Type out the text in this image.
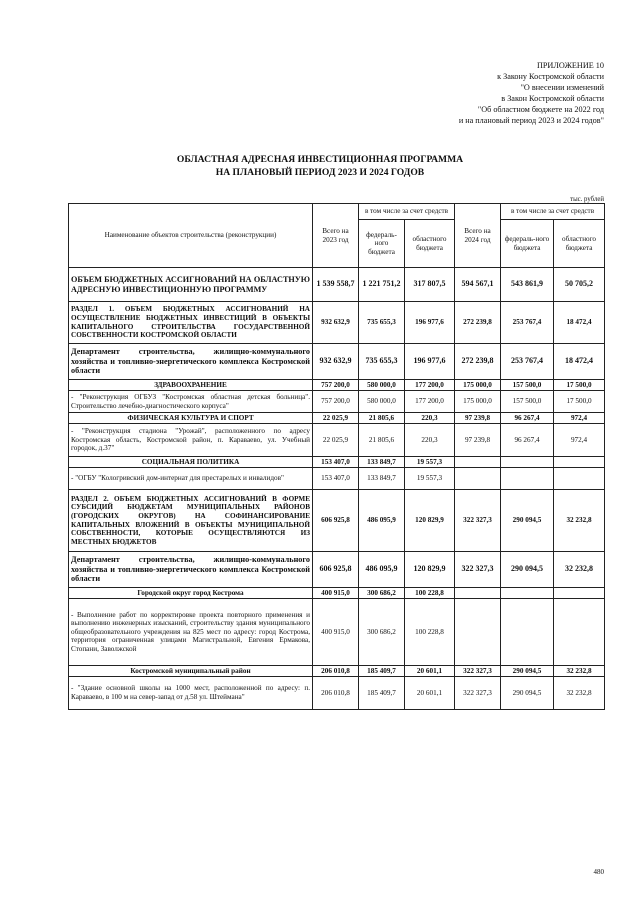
ПРИЛОЖЕНИЕ 10
к Закону Костромской области
"О внесении изменений
в Закон Костромской области
"Об областном бюджете на 2022 год
и на плановый период 2023 и 2024 годов"
ОБЛАСТНАЯ АДРЕСНАЯ ИНВЕСТИЦИОННАЯ ПРОГРАММА
НА ПЛАНОВЫЙ ПЕРИОД 2023 И 2024 ГОДОВ
тыс. рублей
Наименование объектов строительства (реконструкции)	Всего на 2023 год	в том числе за счет средств		Всего на 2024 год	в том числе за счет средств	
		федераль-ного бюджета	областного бюджета		федераль-ного бюджета	областного бюджета
ОБЪЕМ БЮДЖЕТНЫХ АССИГНОВАНИЙ НА ОБЛАСТНУЮ АДРЕСНУЮ ИНВЕСТИЦИОННУЮ ПРОГРАММУ	1 539 558,7	1 221 751,2	317 807,5	594 567,1	543 861,9	50 705,2
РАЗДЕЛ 1. ОБЪЕМ БЮДЖЕТНЫХ АССИГНОВАНИЙ НА ОСУЩЕСТВЛЕНИЕ БЮДЖЕТНЫХ ИНВЕСТИЦИЙ В ОБЪЕКТЫ КАПИТАЛЬНОГО СТРОИТЕЛЬСТВА ГОСУДАРСТВЕННОЙ СОБСТВЕННОСТИ КОСТРОМСКОЙ ОБЛАСТИ	932 632,9	735 655,3	196 977,6	272 239,8	253 767,4	18 472,4
Департамент строительства, жилищно-коммунального хозяйства и топливно-энергетического комплекса Костромской области	932 632,9	735 655,3	196 977,6	272 239,8	253 767,4	18 472,4
ЗДРАВООХРАНЕНИЕ	757 200,0	580 000,0	177 200,0	175 000,0	157 500,0	17 500,0
- "Реконструкция ОГБУЗ "Костромская областная детская больница". Строительство лечебно-диагностического корпуса"	757 200,0	580 000,0	177 200,0	175 000,0	157 500,0	17 500,0
ФИЗИЧЕСКАЯ КУЛЬТУРА И СПОРТ	22 025,9	21 805,6	220,3	97 239,8	96 267,4	972,4
- "Реконструкция стадиона "Урожай", расположенного по адресу Костромская область, Костромской район, п. Караваево, ул. Учебный городок, д.37"	22 025,9	21 805,6	220,3	97 239,8	96 267,4	972,4
СОЦИАЛЬНАЯ ПОЛИТИКА	153 407,0	133 849,7	19 557,3			
- "ОГБУ "Кологривский дом-интернат для престарелых и инвалидов"	153 407,0	133 849,7	19 557,3			
РАЗДЕЛ 2. ОБЪЕМ БЮДЖЕТНЫХ АССИГНОВАНИЙ В ФОРМЕ СУБСИДИЙ БЮДЖЕТАМ МУНИЦИПАЛЬНЫХ РАЙОНОВ (ГОРОДСКИХ ОКРУГОВ) НА СОФИНАНСИРОВАНИЕ КАПИТАЛЬНЫХ ВЛОЖЕНИЙ В ОБЪЕКТЫ МУНИЦИПАЛЬНОЙ СОБСТВЕННОСТИ, КОТОРЫЕ ОСУЩЕСТВЛЯЮТСЯ ИЗ МЕСТНЫХ БЮДЖЕТОВ	606 925,8	486 095,9	120 829,9	322 327,3	290 094,5	32 232,8
Департамент строительства, жилищно-коммунального хозяйства и топливно-энергетического комплекса Костромской области	606 925,8	486 095,9	120 829,9	322 327,3	290 094,5	32 232,8
Городской округ город Кострома	400 915,0	300 686,2	100 228,8			
- Выполнение работ по корректировке проекта повторного применения и выполнению инженерных изысканий, строительству здания муниципального общеобразовательного учреждения на 825 мест по адресу: город Кострома, территория ограниченная улицами Магистральной, Евгения Ермакова, Стопани, Заволжской	400 915,0	300 686,2	100 228,8			
Костромской муниципальный район	206 010,8	185 409,7	20 601,1	322 327,3	290 094,5	32 232,8
- "Здание основной школы на 1000 мест, расположенной по адресу: п. Караваево, в 100 м на север-запад от д.58 ул. Штеймана"	206 010,8	185 409,7	20 601,1	322 327,3	290 094,5	32 232,8
480
